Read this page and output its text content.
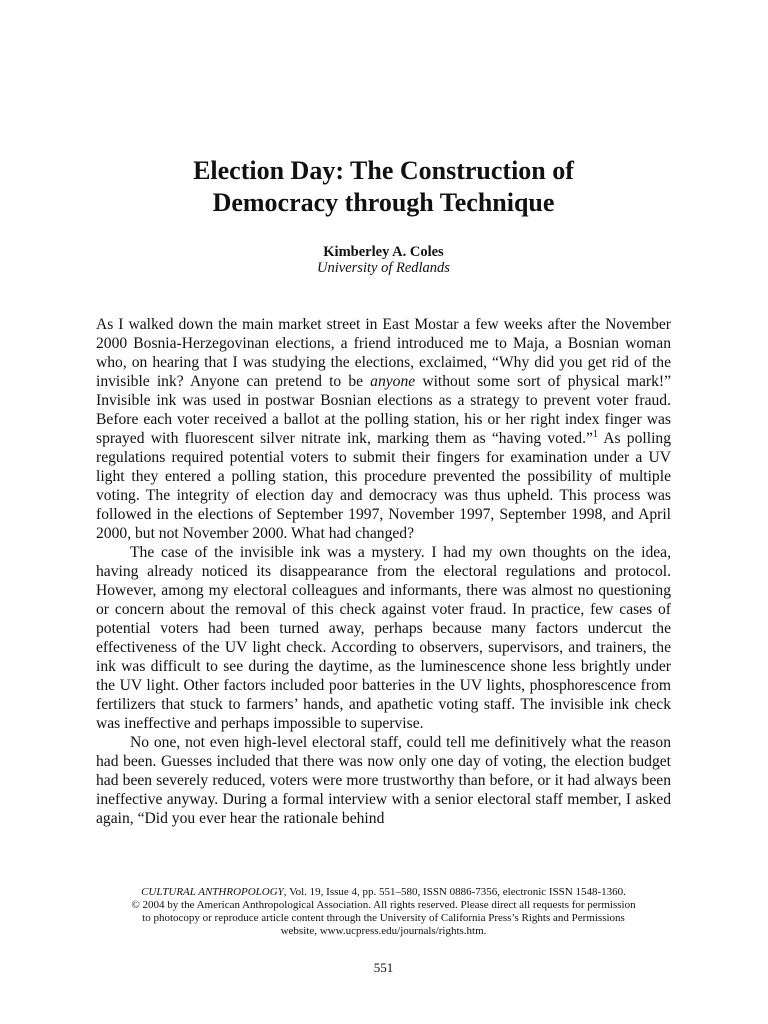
Election Day: The Construction of
Democracy through Technique
Kimberley A. Coles
University of Redlands

As I walked down the main market street in East Mostar a few weeks after the November 2000 Bosnia-Herzegovinan elections, a friend introduced me to Maja, a Bosnian woman who, on hearing that I was studying the elections, exclaimed, “Why did you get rid of the invisible ink? Anyone can pretend to be anyone without some sort of physical mark!” Invisible ink was used in postwar Bosnian elections as a strategy to prevent voter fraud. Before each voter received a ballot at the polling station, his or her right index finger was sprayed with fluorescent silver nitrate ink, marking them as “having voted.”$^1$ As polling regulations required potential voters to submit their fingers for examination under a UV light they entered a polling station, this procedure prevented the possibility of multiple voting. The integrity of election day and democracy was thus upheld. This process was followed in the elections of September 1997, November 1997, September 1998, and April 2000, but not November 2000. What had changed?

The case of the invisible ink was a mystery. I had my own thoughts on the idea, having already noticed its disappearance from the electoral regulations and protocol. However, among my electoral colleagues and informants, there was almost no questioning or concern about the removal of this check against voter fraud. In practice, few cases of potential voters had been turned away, perhaps because many factors undercut the effectiveness of the UV light check. According to observers, supervisors, and trainers, the ink was difficult to see during the daytime, as the luminescence shone less brightly under the UV light. Other factors included poor batteries in the UV lights, phosphorescence from fertilizers that stuck to farmers’ hands, and apathetic voting staff. The invisible ink check was ineffective and perhaps impossible to supervise.

No one, not even high-level electoral staff, could tell me definitively what the reason had been. Guesses included that there was now only one day of voting, the election budget had been severely reduced, voters were more trustworthy than before, or it had always been ineffective anyway. During a formal interview with a senior electoral staff member, I asked again, “Did you ever hear the rationale behind

CULTURAL ANTHROPOLOGY, Vol. 19, Issue 4, pp. 551–580, ISSN 0886-7356, electronic ISSN 1548-1360.
© 2004 by the American Anthropological Association. All rights reserved. Please direct all requests for permission
to photocopy or reproduce article content through the University of California Press’s Rights and Permissions
website, www.ucpress.edu/journals/rights.htm.
551
